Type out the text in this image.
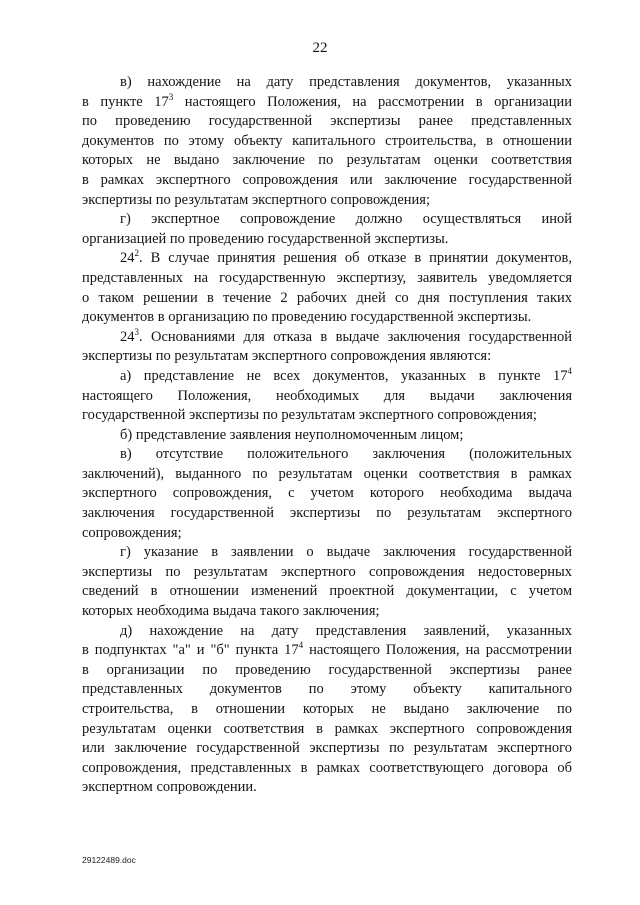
22
в) нахождение на дату представления документов, указанных
в пункте $17^3$ настоящего Положения, на рассмотрении в организации
по проведению государственной экспертизы ранее представленных
документов по этому объекту капитального строительства, в отношении
которых не выдано заключение по результатам оценки соответствия
в рамках экспертного сопровождения или заключение государственной
экспертизы по результатам экспертного сопровождения;
г) экспертное сопровождение должно осуществляться иной
организацией по проведению государственной экспертизы.
$24^2$. В случае принятия решения об отказе в принятии документов,
представленных на государственную экспертизу, заявитель уведомляется
о таком решении в течение 2 рабочих дней со дня поступления таких
документов в организацию по проведению государственной экспертизы.
$24^3$. Основаниями для отказа в выдаче заключения государственной
экспертизы по результатам экспертного сопровождения являются:
а) представление не всех документов, указанных в пункте $17^4$
настоящего Положения, необходимых для выдачи заключения
государственной экспертизы по результатам экспертного сопровождения;
б) представление заявления неуполномоченным лицом;
в) отсутствие положительного заключения (положительных
заключений), выданного по результатам оценки соответствия в рамках
экспертного сопровождения, с учетом которого необходима выдача
заключения государственной экспертизы по результатам экспертного
сопровождения;
г) указание в заявлении о выдаче заключения государственной
экспертизы по результатам экспертного сопровождения недостоверных
сведений в отношении изменений проектной документации, с учетом
которых необходима выдача такого заключения;
д) нахождение на дату представления заявлений, указанных
в подпунктах "а" и "б" пункта $17^4$ настоящего Положения, на рассмотрении
в организации по проведению государственной экспертизы ранее
представленных документов по этому объекту капитального
строительства, в отношении которых не выдано заключение по
результатам оценки соответствия в рамках экспертного сопровождения
или заключение государственной экспертизы по результатам экспертного
сопровождения, представленных в рамках соответствующего договора об
экспертном сопровождении.
29122489.doc
